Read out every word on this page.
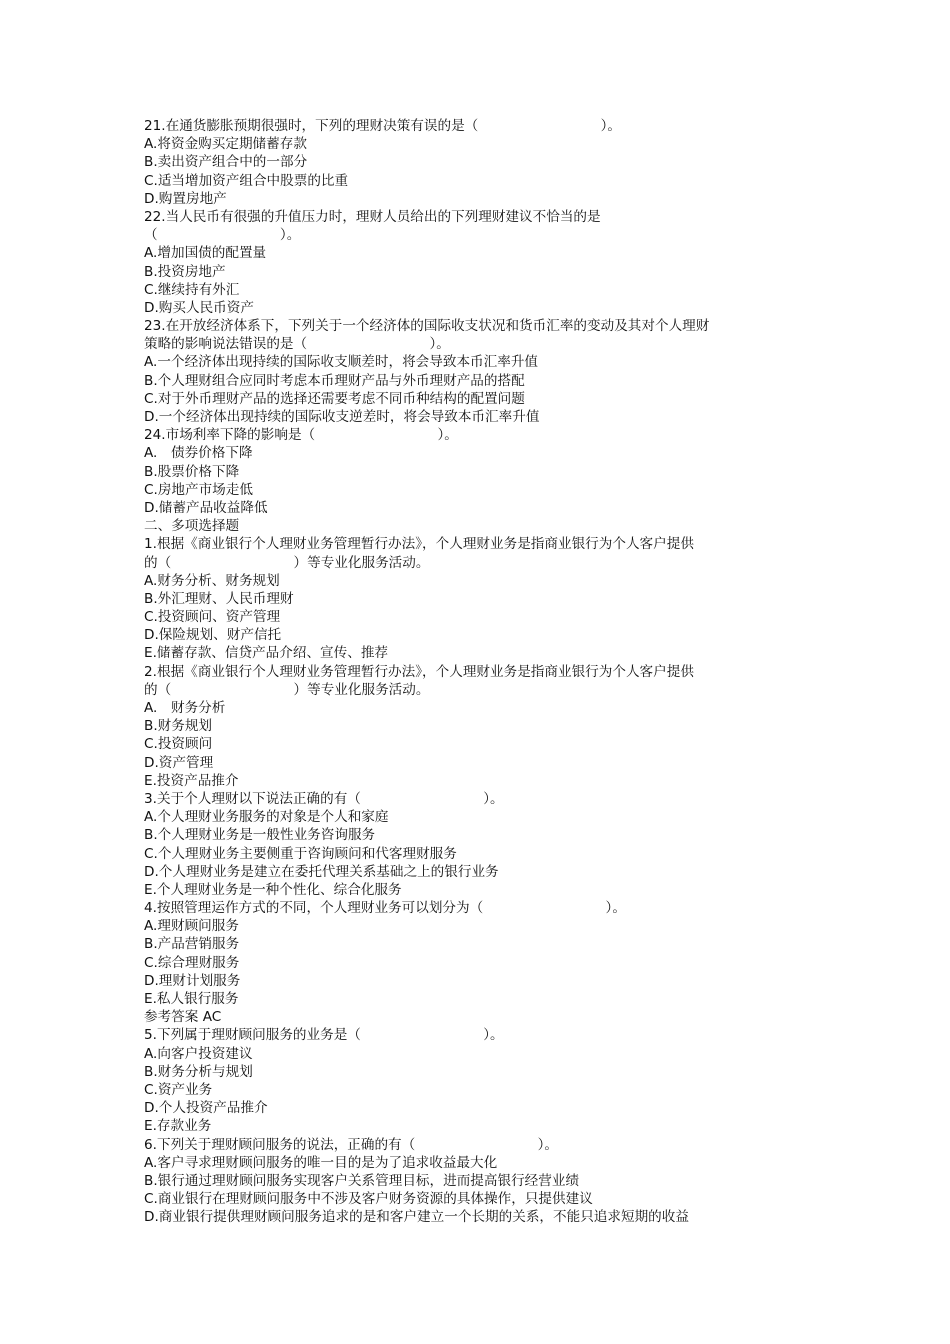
21.在通货膨胀预期很强时，下列的理财决策有误的是（　　　　　　　　　）。
A.将资金购买定期储蓄存款
B.卖出资产组合中的一部分
C.适当增加资产组合中股票的比重
D.购置房地产
22.当人民币有很强的升值压力时，理财人员给出的下列理财建议不恰当的是
（　　　　　　　　　）。
A.增加国债的配置量
B.投资房地产
C.继续持有外汇
D.购买人民币资产
23.在开放经济体系下，下列关于一个经济体的国际收支状况和货币汇率的变动及其对个人理财
策略的影响说法错误的是（　　　　　　　　　）。
A.一个经济体出现持续的国际收支顺差时，将会导致本币汇率升值
B.个人理财组合应同时考虑本币理财产品与外币理财产品的搭配
C.对于外币理财产品的选择还需要考虑不同币种结构的配置问题
D.一个经济体出现持续的国际收支逆差时，将会导致本币汇率升值
24.市场利率下降的影响是（　　　　　　　　　）。
A.　债券价格下降
B.股票价格下降
C.房地产市场走低
D.储蓄产品收益降低
二、多项选择题
1.根据《商业银行个人理财业务管理暂行办法》，个人理财业务是指商业银行为个人客户提供
的（　　　　　　　　　）等专业化服务活动。
A.财务分析、财务规划
B.外汇理财、人民币理财
C.投资顾问、资产管理
D.保险规划、财产信托
E.储蓄存款、信贷产品介绍、宣传、推荐
2.根据《商业银行个人理财业务管理暂行办法》，个人理财业务是指商业银行为个人客户提供
的（　　　　　　　　　）等专业化服务活动。
A.　财务分析
B.财务规划
C.投资顾问
D.资产管理
E.投资产品推介
3.关于个人理财以下说法正确的有（　　　　　　　　　）。
A.个人理财业务服务的对象是个人和家庭
B.个人理财业务是一般性业务咨询服务
C.个人理财业务主要侧重于咨询顾问和代客理财服务
D.个人理财业务是建立在委托代理关系基础之上的银行业务
E.个人理财业务是一种个性化、综合化服务
4.按照管理运作方式的不同，个人理财业务可以划分为（　　　　　　　　　）。
A.理财顾问服务
B.产品营销服务
C.综合理财服务
D.理财计划服务
E.私人银行服务
参考答案 AC
5.下列属于理财顾问服务的业务是（　　　　　　　　　）。
A.向客户投资建议
B.财务分析与规划
C.资产业务
D.个人投资产品推介
E.存款业务
6.下列关于理财顾问服务的说法，正确的有（　　　　　　　　　）。
A.客户寻求理财顾问服务的唯一目的是为了追求收益最大化
B.银行通过理财顾问服务实现客户关系管理目标，进而提高银行经营业绩
C.商业银行在理财顾问服务中不涉及客户财务资源的具体操作，只提供建议
D.商业银行提供理财顾问服务追求的是和客户建立一个长期的关系，不能只追求短期的收益
